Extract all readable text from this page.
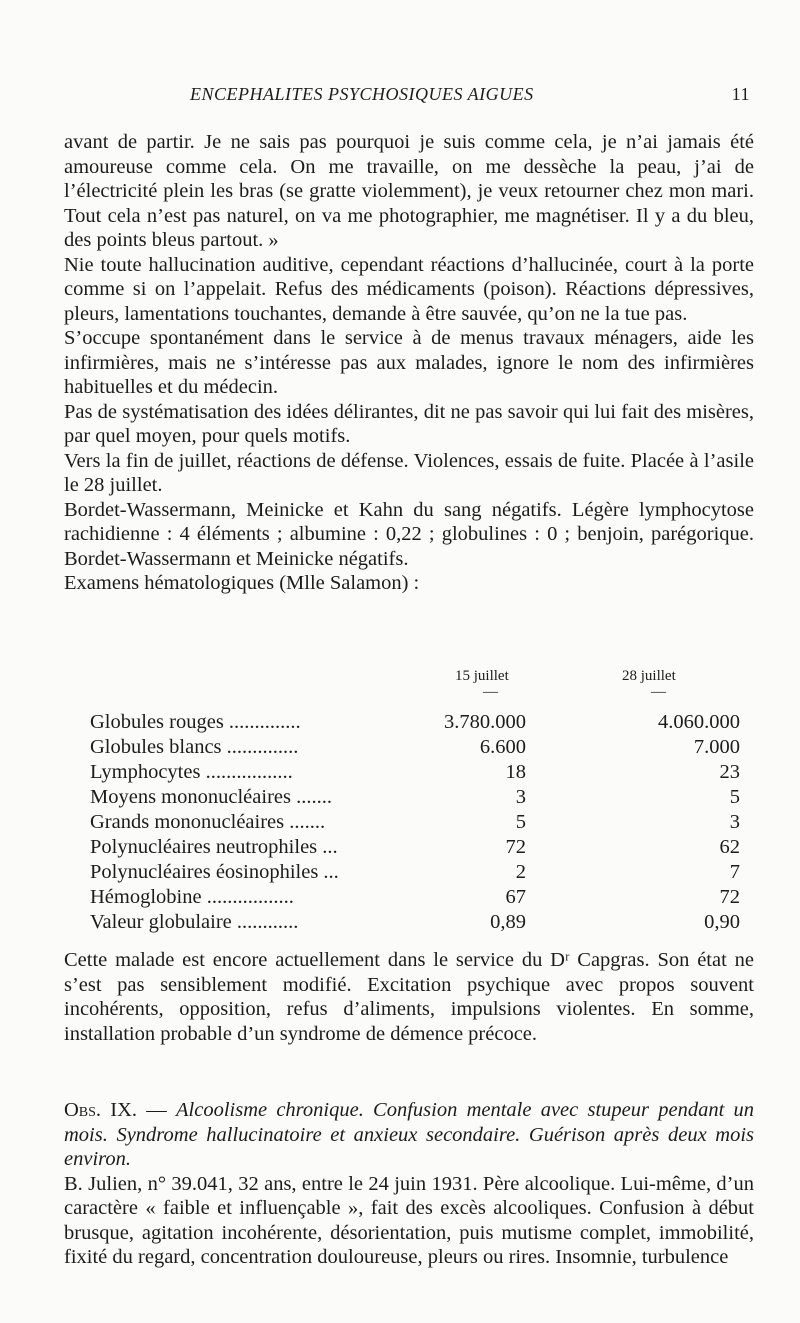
ENCEPHALITES PSYCHOSIQUES AIGUES	11

avant de partir. Je ne sais pas pourquoi je suis comme cela, je n’ai jamais été amoureuse comme cela. On me travaille, on me dessèche la peau, j’ai de l’électricité plein les bras (se gratte violemment), je veux retourner chez mon mari. Tout cela n’est pas naturel, on va me photographier, me magnétiser. Il y a du bleu, des points bleus partout. »

Nie toute hallucination auditive, cependant réactions d’hallucinée, court à la porte comme si on l’appelait. Refus des médicaments (poison). Réactions dépressives, pleurs, lamentations touchantes, demande à être sauvée, qu’on ne la tue pas.

S’occupe spontanément dans le service à de menus travaux ménagers, aide les infirmières, mais ne s’intéresse pas aux malades, ignore le nom des infirmières habituelles et du médecin.

Pas de systématisation des idées délirantes, dit ne pas savoir qui lui fait des misères, par quel moyen, pour quels motifs.

Vers la fin de juillet, réactions de défense. Violences, essais de fuite. Placée à l’asile le 28 juillet.

Bordet-Wassermann, Meinicke et Kahn du sang négatifs. Légère lymphocytose rachidienne : 4 éléments ; albumine : 0,22 ; globulines : 0 ; benjoin, parégorique. Bordet-Wassermann et Meinicke négatifs.

Examens hématologiques (Mlle Salamon) :

15 juillet	28 juillet
—	—
Globules rouges ..............	3.780.000	4.060.000
Globules blancs ..............	6.600	7.000
Lymphocytes .................	18	23
Moyens mononucléaires .......	3	5
Grands mononucléaires .......	5	3
Polynucléaires neutrophiles ...	72	62
Polynucléaires éosinophiles ...	2	7
Hémoglobine .................	67	72
Valeur globulaire ............	0,89	0,90

Cette malade est encore actuellement dans le service du Dʳ Capgras. Son état ne s’est pas sensiblement modifié. Excitation psychique avec propos souvent incohérents, opposition, refus d’aliments, impulsions violentes. En somme, installation probable d’un syndrome de démence précoce.

Obs. IX. — Alcoolisme chronique. Confusion mentale avec stupeur pendant un mois. Syndrome hallucinatoire et anxieux secondaire. Guérison après deux mois environ.

B. Julien, n° 39.041, 32 ans, entre le 24 juin 1931. Père alcoolique. Lui-même, d’un caractère « faible et influençable », fait des excès alcooliques. Confusion à début brusque, agitation incohérente, désorientation, puis mutisme complet, immobilité, fixité du regard, concentration douloureuse, pleurs ou rires. Insomnie, turbulence
